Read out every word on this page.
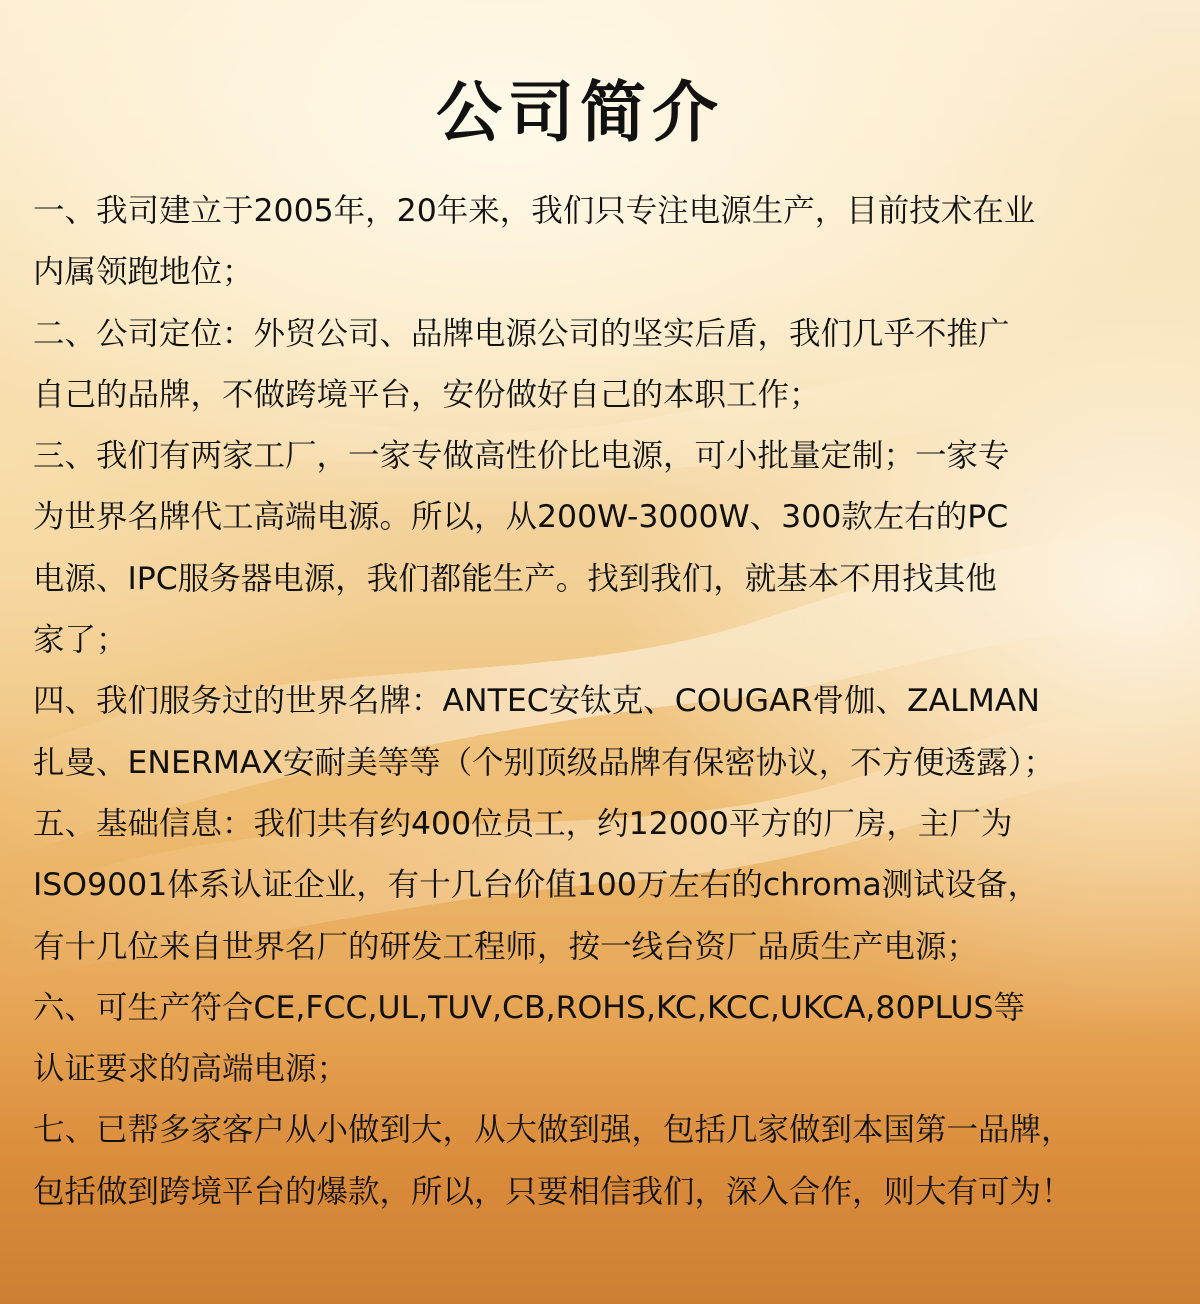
公司简介
一、我司建立于2005年，20年来，我们只专注电源生产，目前技术在业
内属领跑地位；
二、公司定位：外贸公司、品牌电源公司的坚实后盾，我们几乎不推广
自己的品牌，不做跨境平台，安份做好自己的本职工作；
三、我们有两家工厂，一家专做高性价比电源，可小批量定制；一家专
为世界名牌代工高端电源。所以，从200W-3000W、300款左右的PC
电源、IPC服务器电源，我们都能生产。找到我们，就基本不用找其他
家了；
四、我们服务过的世界名牌：ANTEC安钛克、COUGAR骨伽、ZALMAN
扎曼、ENERMAX安耐美等等（个别顶级品牌有保密协议，不方便透露）；
五、基础信息：我们共有约400位员工，约12000平方的厂房，主厂为
ISO9001体系认证企业，有十几台价值100万左右的chroma测试设备，
有十几位来自世界名厂的研发工程师，按一线台资厂品质生产电源；
六、可生产符合CE,FCC,UL,TUV,CB,ROHS,KC,KCC,UKCA,80PLUS等
认证要求的高端电源；
七、已帮多家客户从小做到大，从大做到强，包括几家做到本国第一品牌，
包括做到跨境平台的爆款，所以，只要相信我们，深入合作，则大有可为！
